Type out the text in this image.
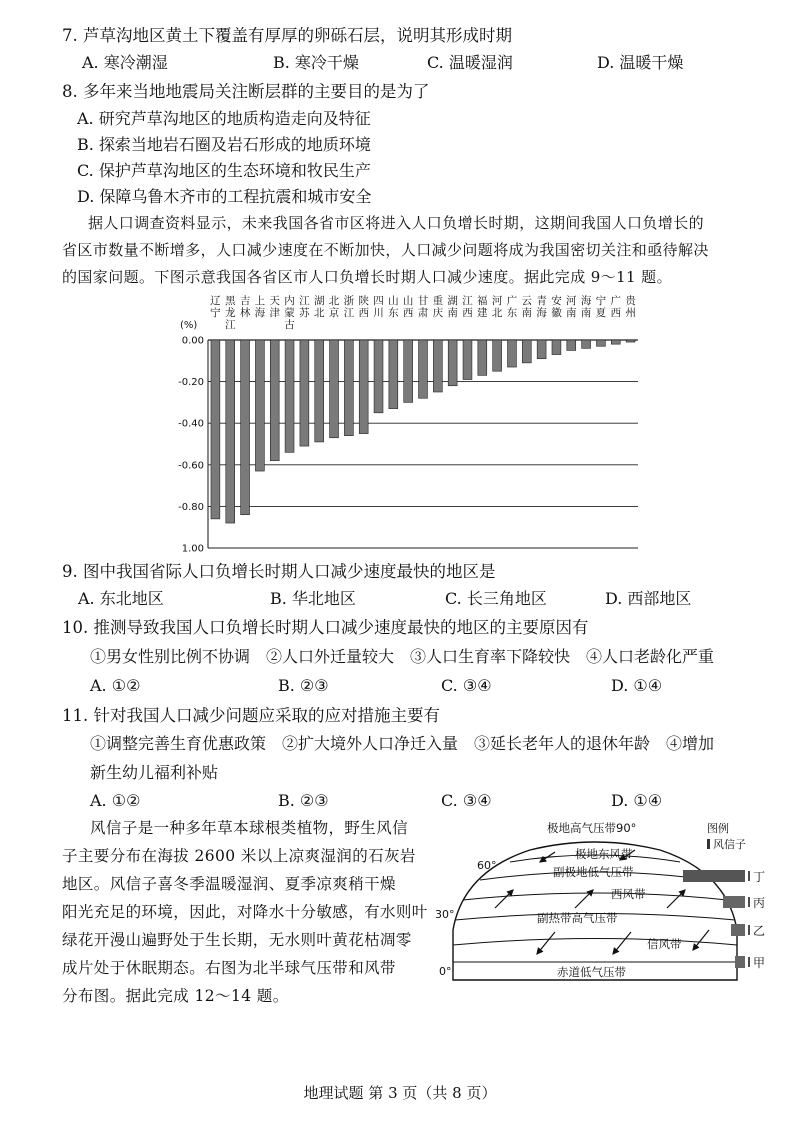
7. 芦草沟地区黄土下覆盖有厚厚的卵砾石层，说明其形成时期
A. 寒冷潮湿	B. 寒冷干燥	C. 温暖湿润	D. 温暖干燥
8. 多年来当地地震局关注断层群的主要目的是为了
A. 研究芦草沟地区的地质构造走向及特征
B. 探索当地岩石圈及岩石形成的地质环境
C. 保护芦草沟地区的生态环境和牧民生产
D. 保障乌鲁木齐市的工程抗震和城市安全
据人口调查资料显示，未来我国各省市区将进入人口负增长时期，这期间我国人口负增长的
省区市数量不断增多，人口减少速度在不断加快，人口减少问题将成为我国密切关注和亟待解决
的国家问题。下图示意我国各省区市人口负增长时期人口减少速度。据此完成 9～11 题。
(%)
辽宁
黑龙江
吉林
上海
天津
内蒙古
江苏
湖北
北京
浙江
陕西
四川
山东
山西
甘肃
重庆
湖南
江西
福建
河北
广东
云南
青海
安徽
河南
海南
宁夏
广西
贵州
0.00
-0.20
-0.40
-0.60
-0.80
1.00
9. 图中我国省际人口负增长时期人口减少速度最快的地区是
A. 东北地区	B. 华北地区	C. 长三角地区	D. 西部地区
10. 推测导致我国人口负增长时期人口减少速度最快的地区的主要原因有
①男女性别比例不协调　②人口外迁量较大　③人口生育率下降较快　④人口老龄化严重
A. ①②	B. ②③	C. ③④	D. ①④
11. 针对我国人口减少问题应采取的应对措施主要有
①调整完善生育优惠政策　②扩大境外人口净迁入量　③延长老年人的退休年龄　④增加
新生幼儿福利补贴
A. ①②	B. ②③	C. ③④	D. ①④
风信子是一种多年草本球根类植物，野生风信
子主要分布在海拔 2600 米以上凉爽湿润的石灰岩
地区。风信子喜冬季温暖湿润、夏季凉爽稍干燥
阳光充足的环境，因此，对降水十分敏感，有水则叶
绿花开漫山遍野处于生长期，无水则叶黄花枯凋零
成片处于休眠期态。右图为北半球气压带和风带
分布图。据此完成 12～14 题。
60°
30°
0°
极地高气压带90°
极地东风带
副极地低气压带
西风带
副热带高气压带
信风带
赤道低气压带
图例
风信子
丁
丙
乙
甲
地理试题 第 3 页（共 8 页）
